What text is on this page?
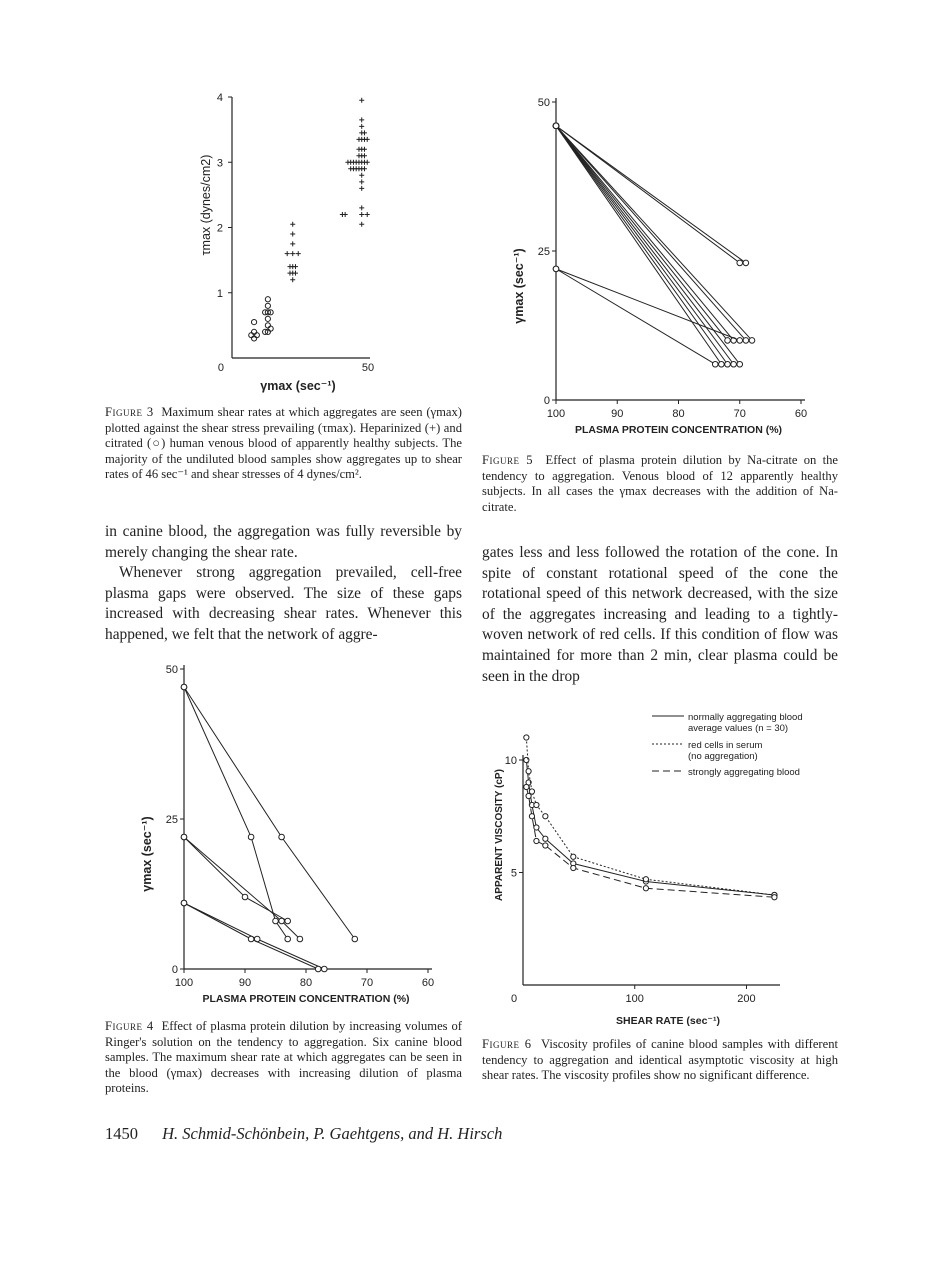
1
2
3
4
0	50
γmax (sec⁻¹)
τmax (dynes/cm2)
Figure 3 Maximum shear rates at which aggregates are seen (γmax) plotted against the shear stress prevailing (τmax). Heparinized (+) and citrated (○) human venous blood of apparently healthy subjects. The majority of the undiluted blood samples show aggregates up to shear rates of 46 sec⁻¹ and shear stresses of 4 dynes/cm².
100	90	80	70	60
0
25
50
PLASMA PROTEIN CONCENTRATION (%)
γmax (sec⁻¹)
Figure 5 Effect of plasma protein dilution by Na-citrate on the tendency to aggregation. Venous blood of 12 apparently healthy subjects. In all cases the γmax decreases with the addition of Na-citrate.
in canine blood, the aggregation was fully reversible by merely changing the shear rate.
Whenever strong aggregation prevailed, cell-free plasma gaps were observed. The size of these gaps increased with decreasing shear rates. Whenever this happened, we felt that the network of aggre-
gates less and less followed the rotation of the cone. In spite of constant rotational speed of the cone the rotational speed of this network decreased, with the size of the aggregates increasing and leading to a tightly-woven network of red cells. If this condition of flow was maintained for more than 2 min, clear plasma could be seen in the drop
100	90	80	70	60
0
25
50
PLASMA PROTEIN CONCENTRATION (%)
γmax (sec⁻¹)
Figure 4 Effect of plasma protein dilution by increasing volumes of Ringer's solution on the tendency to aggregation. Six canine blood samples. The maximum shear rate at which aggregates can be seen in the blood (γmax) decreases with increasing dilution of plasma proteins.
0	100	200
5
10
SHEAR RATE (sec⁻¹)
APPARENT VISCOSITY (cP)
normally aggregating blood
average values (n = 30)
red cells in serum
(no aggregation)
strongly aggregating blood
Figure 6 Viscosity profiles of canine blood samples with different tendency to aggregation and identical asymptotic viscosity at high shear rates. The viscosity profiles show no significant difference.
1450 H. Schmid-Schönbein, P. Gaehtgens, and H. Hirsch
